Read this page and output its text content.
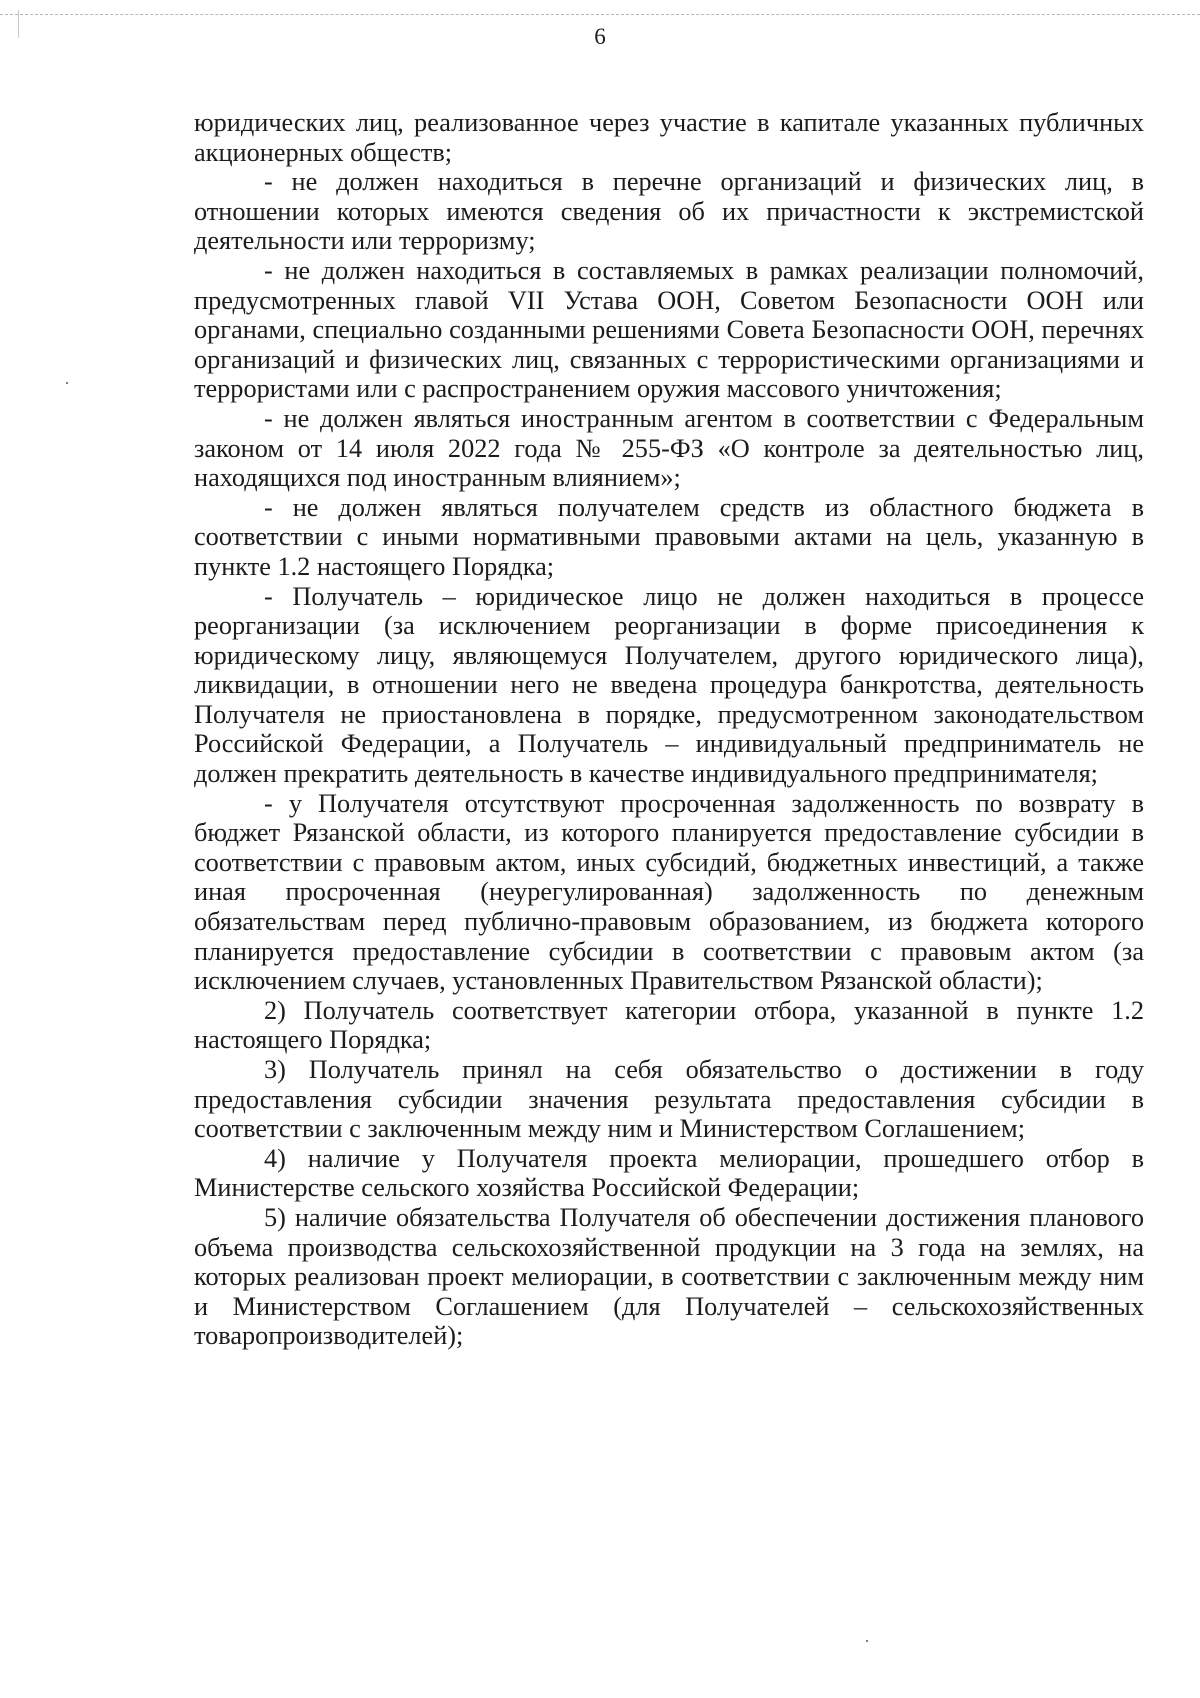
6

юридических лиц, реализованное через участие в капитале указанных публичных акционерных обществ;

- не должен находиться в перечне организаций и физических лиц, в отношении которых имеются сведения об их причастности к экстремистской деятельности или терроризму;

- не должен находиться в составляемых в рамках реализации полномочий, предусмотренных главой VII Устава ООН, Советом Безопасности ООН или органами, специально созданными решениями Совета Безопасности ООН, перечнях организаций и физических лиц, связанных с террористическими организациями и террористами или с распространением оружия массового уничтожения;

- не должен являться иностранным агентом в соответствии с Федеральным законом от 14 июля 2022 года № 255-ФЗ «О контроле за деятельностью лиц, находящихся под иностранным влиянием»;

- не должен являться получателем средств из областного бюджета в соответствии с иными нормативными правовыми актами на цель, указанную в пункте 1.2 настоящего Порядка;

- Получатель – юридическое лицо не должен находиться в процессе реорганизации (за исключением реорганизации в форме присоединения к юридическому лицу, являющемуся Получателем, другого юридического лица), ликвидации, в отношении него не введена процедура банкротства, деятельность Получателя не приостановлена в порядке, предусмотренном законодательством Российской Федерации, а Получатель – индивидуальный предприниматель не должен прекратить деятельность в качестве индивидуального предпринимателя;

- у Получателя отсутствуют просроченная задолженность по возврату в бюджет Рязанской области, из которого планируется предоставление субсидии в соответствии с правовым актом, иных субсидий, бюджетных инвестиций, а также иная просроченная (неурегулированная) задолженность по денежным обязательствам перед публично-правовым образованием, из бюджета которого планируется предоставление субсидии в соответствии с правовым актом (за исключением случаев, установленных Правительством Рязанской области);

2) Получатель соответствует категории отбора, указанной в пункте 1.2 настоящего Порядка;

3) Получатель принял на себя обязательство о достижении в году предоставления субсидии значения результата предоставления субсидии в соответствии с заключенным между ним и Министерством Соглашением;

4) наличие у Получателя проекта мелиорации, прошедшего отбор в Министерстве сельского хозяйства Российской Федерации;

5) наличие обязательства Получателя об обеспечении достижения планового объема производства сельскохозяйственной продукции на 3 года на землях, на которых реализован проект мелиорации, в соответствии с заключенным между ним и Министерством Соглашением (для Получателей – сельскохозяйственных товаропроизводителей);
